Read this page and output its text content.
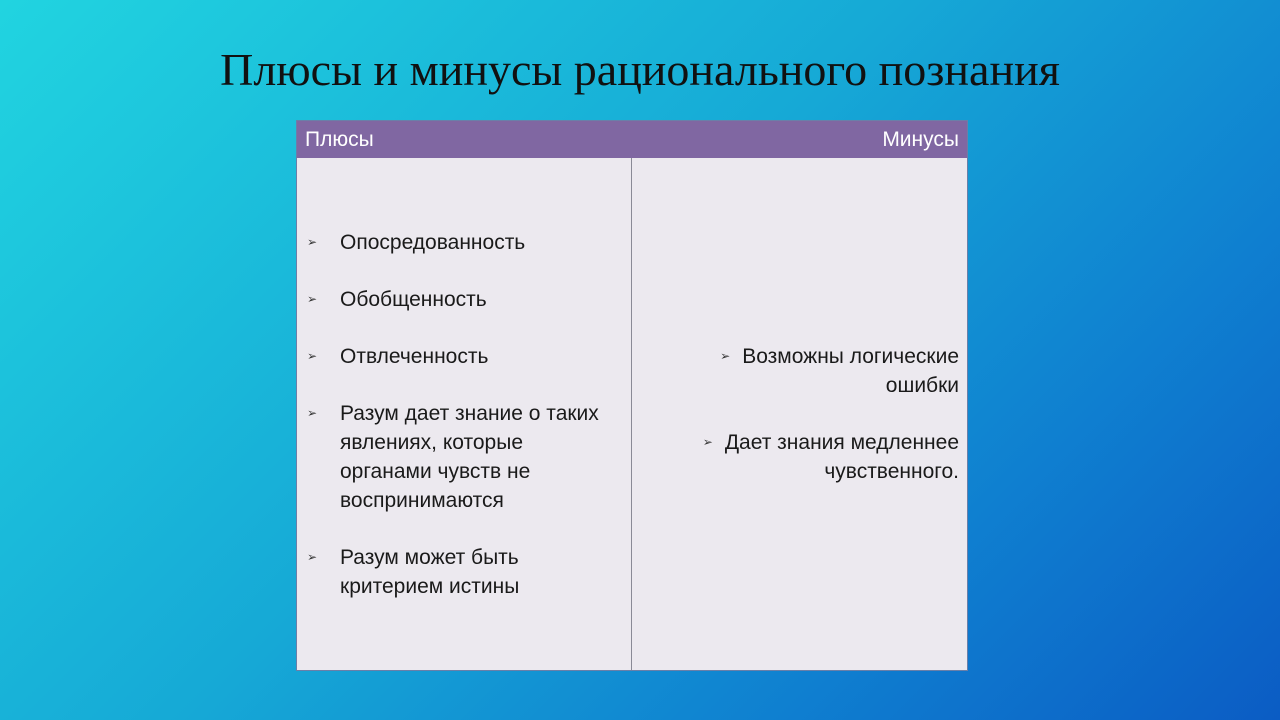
Плюсы и минусы рационального познания
Плюсы	Минусы
➢ Опосредованность
➢ Обобщенность
➢ Отвлеченность
➢ Разум дает знание о таких явлениях, которые органами чувств не воспринимаются
➢ Разум может быть критерием истины
➢ Возможны логические ошибки
➢ Дает знания медленнее чувственного.
